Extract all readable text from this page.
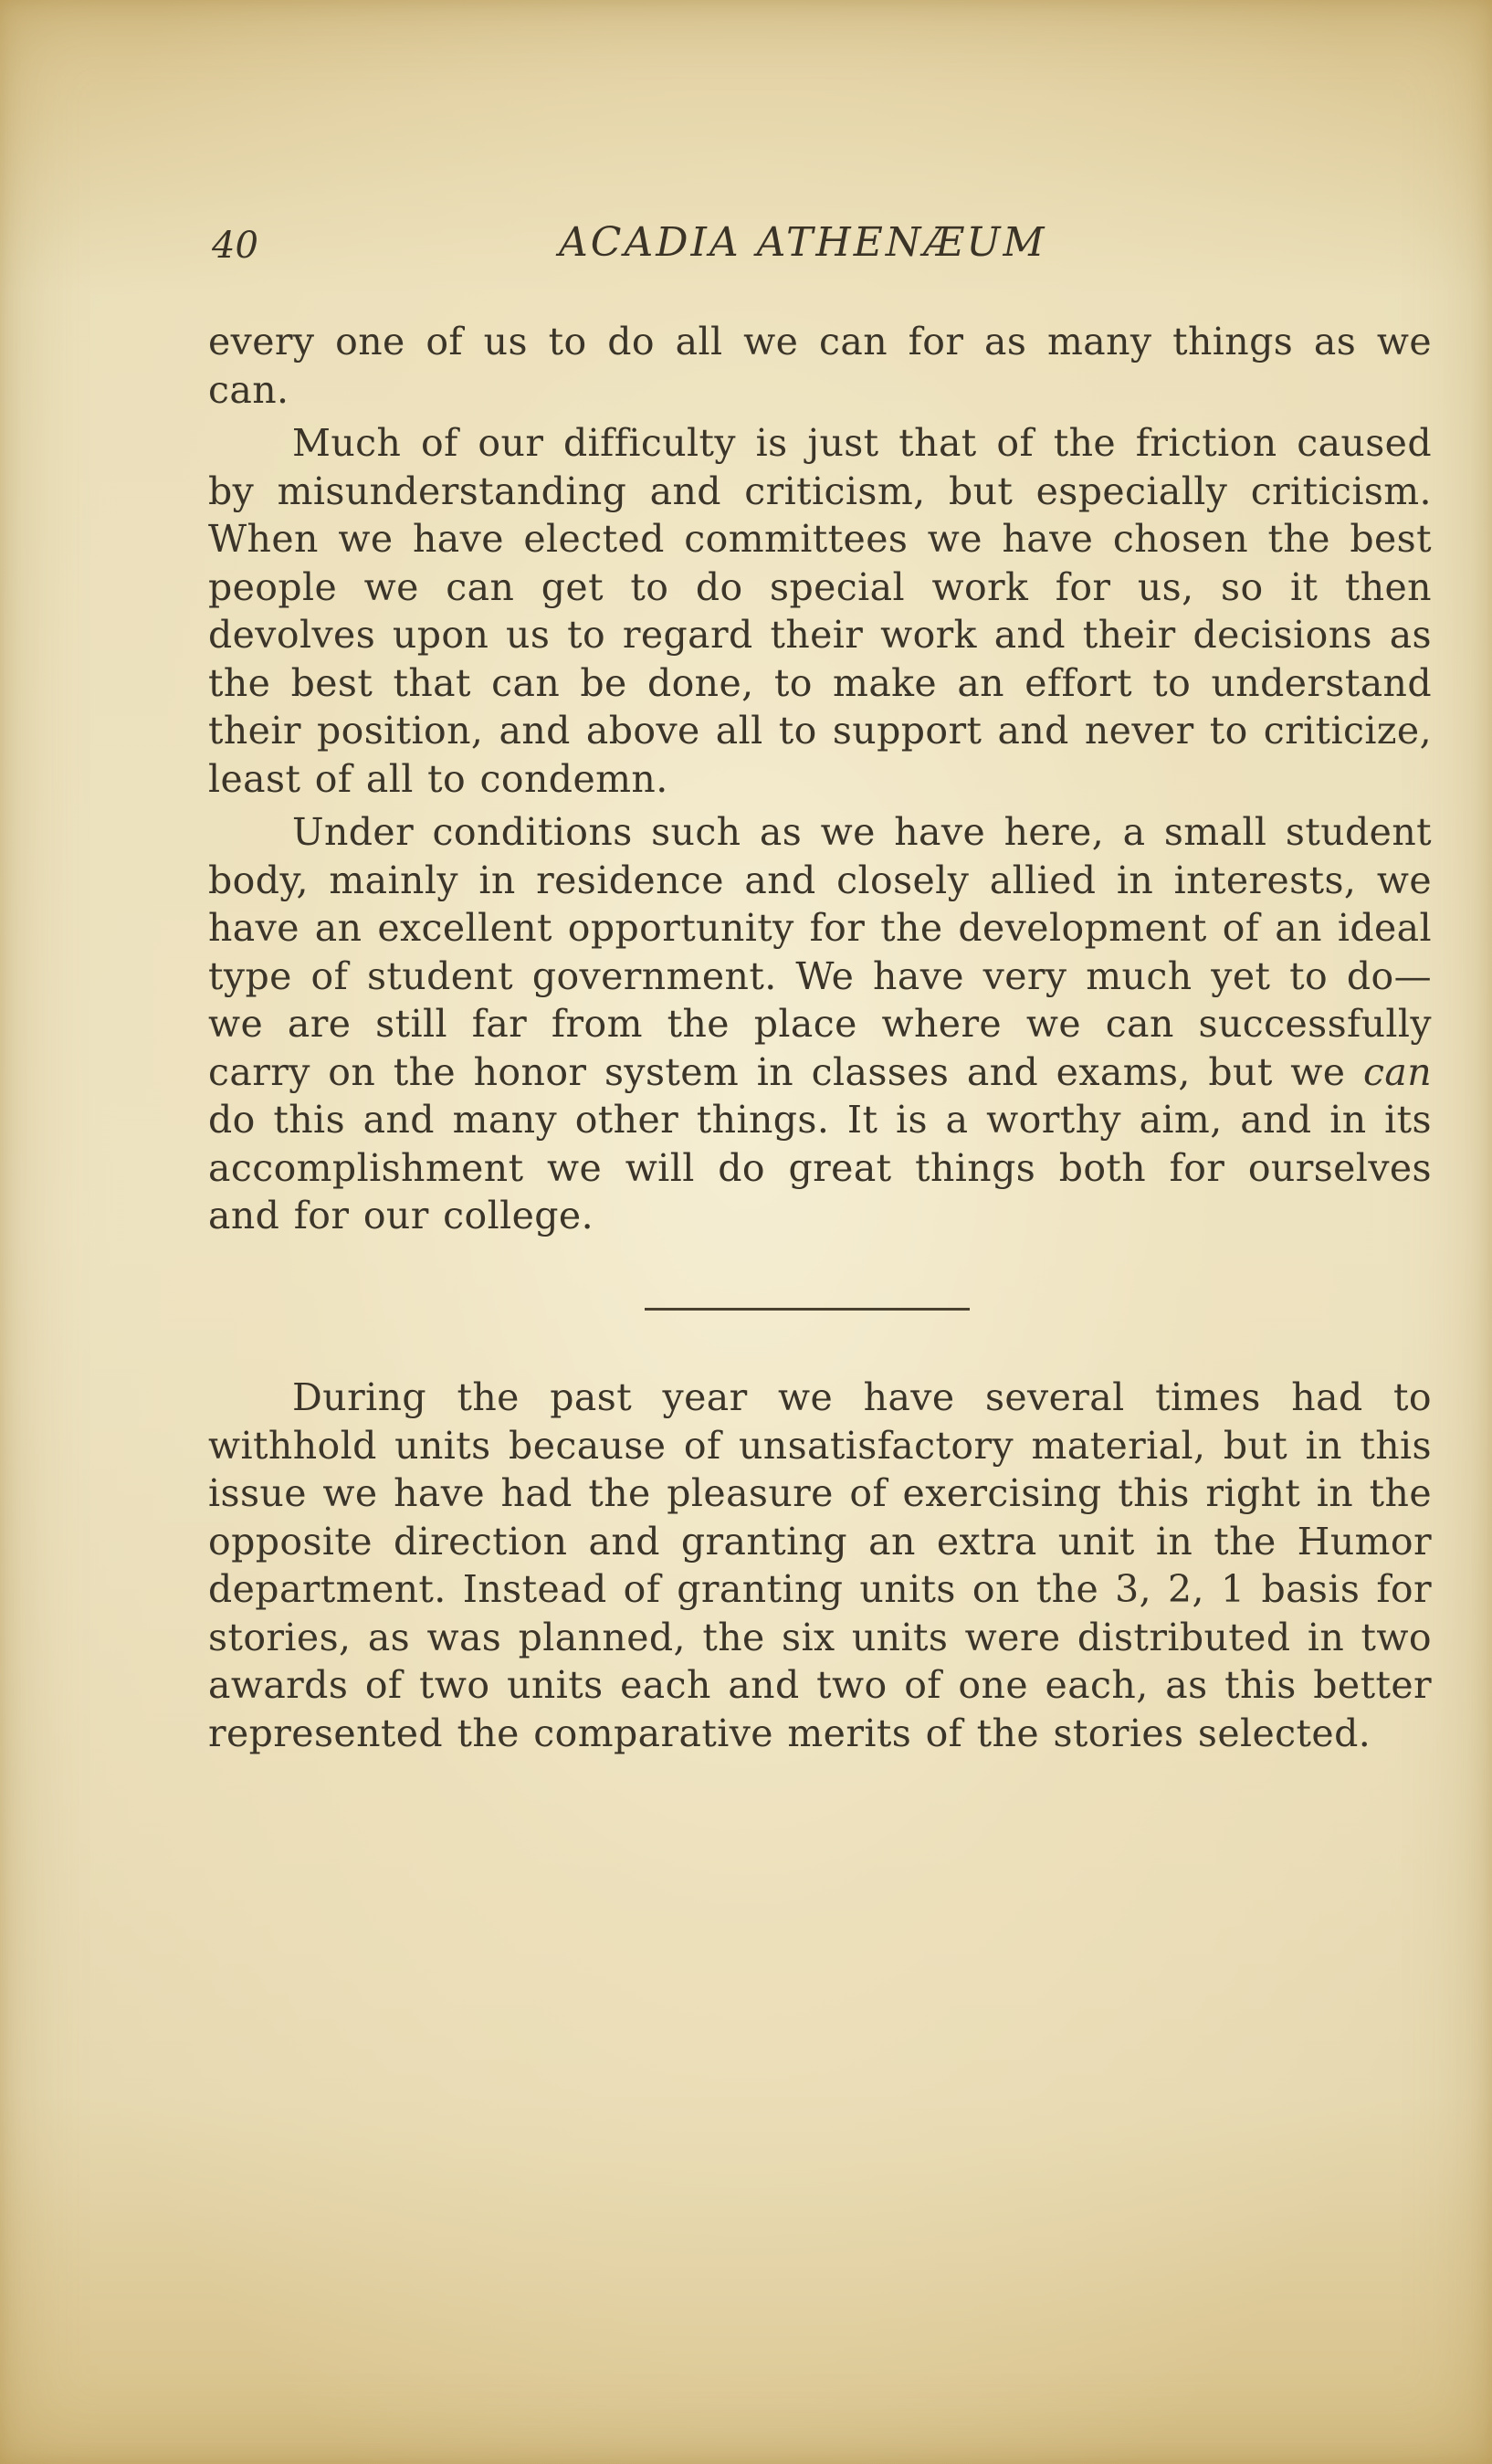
40	ACADIA ATHENÆUM

every one of us to do all we can for as many things as we can.

Much of our difficulty is just that of the friction caused by misunderstanding and criticism, but especially criticism. When we have elected committees we have chosen the best people we can get to do special work for us, so it then devolves upon us to regard their work and their decisions as the best that can be done, to make an effort to understand their position, and above all to support and never to criticize, least of all to condemn.

Under conditions such as we have here, a small student body, mainly in residence and closely allied in interests, we have an excellent opportunity for the development of an ideal type of student government. We have very much yet to do—we are still far from the place where we can successfully carry on the honor system in classes and exams, but we can do this and many other things. It is a worthy aim, and in its accomplishment we will do great things both for ourselves and for our college.

During the past year we have several times had to withhold units because of unsatisfactory material, but in this issue we have had the pleasure of exercising this right in the opposite direction and granting an extra unit in the Humor department. Instead of granting units on the 3, 2, 1 basis for stories, as was planned, the six units were distributed in two awards of two units each and two of one each, as this better represented the comparative merits of the stories selected.
